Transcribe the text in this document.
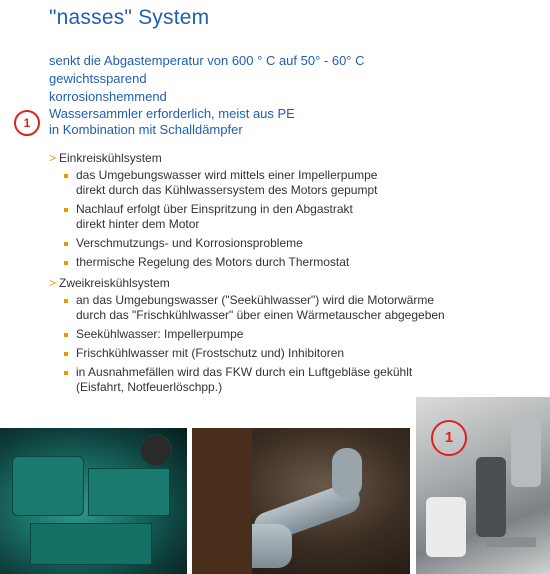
"nasses" System
senkt die Abgastemperatur von 600 ° C auf 50° - 60° C
gewichtssparend
korrosionshemmend
Wassersammler erforderlich, meist aus PE
in Kombination mit Schalldämpfer
1
> Einkreiskühlsystem
das Umgebungswasser wird mittels einer Impellerpumpe
direkt durch das Kühlwassersystem des Motors gepumpt
Nachlauf erfolgt über Einspritzung in den Abgastrakt
direkt hinter dem Motor
Verschmutzungs- und Korrosionsprobleme
thermische Regelung des Motors durch Thermostat
> Zweikreiskühlsystem
an das Umgebungswasser ("Seekühlwasser") wird die Motorwärme
durch das "Frischkühlwasser" über einen Wärmetauscher abgegeben
Seekühlwasser: Impellerpumpe
Frischkühlwasser mit (Frostschutz und) Inhibitoren
in Ausnahmefällen wird das FKW durch ein Luftgebläse gekühlt
(Eisfahrt, Notfeuerlöschpp.)
1
